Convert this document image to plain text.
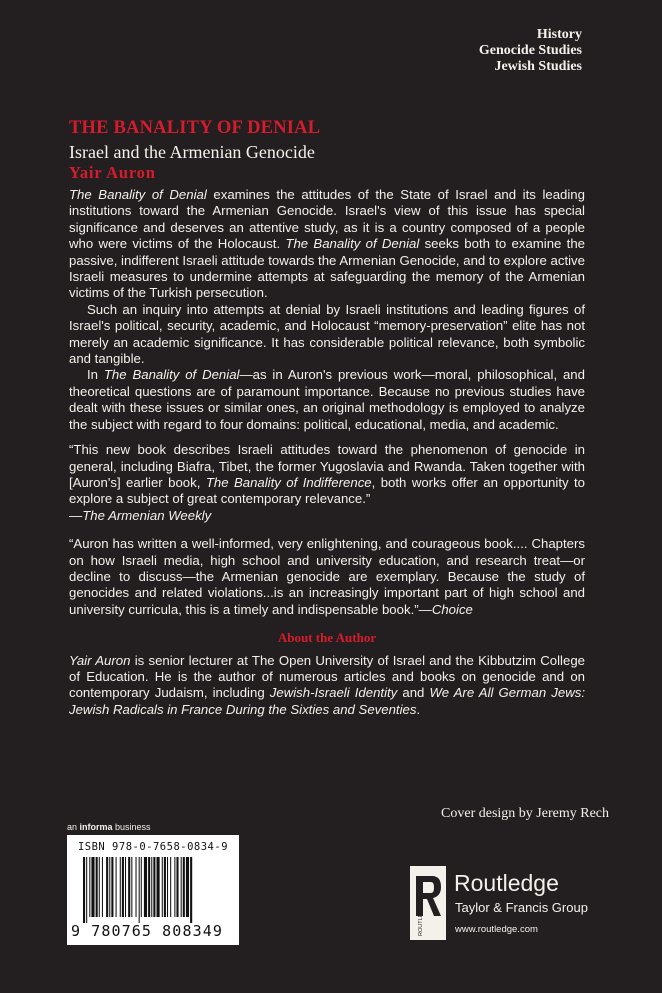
History
Genocide Studies
Jewish Studies
THE BANALITY OF DENIAL
Israel and the Armenian Genocide
Yair Auron

The Banality of Denial examines the attitudes of the State of Israel and its leading institutions toward the Armenian Genocide. Israel's view of this issue has special significance and deserves an attentive study, as it is a country composed of a people who were victims of the Holocaust. The Banality of Denial seeks both to examine the passive, indifferent Israeli attitude towards the Armenian Genocide, and to explore active Israeli measures to undermine attempts at safeguarding the memory of the Armenian victims of the Turkish persecution.

Such an inquiry into attempts at denial by Israeli institutions and leading figures of Israel's political, security, academic, and Holocaust “memory-preservation” elite has not merely an academic significance. It has considerable political relevance, both symbolic and tangible.

In The Banality of Denial—as in Auron's previous work—moral, philosophical, and theoretical questions are of paramount importance. Because no previous studies have dealt with these issues or similar ones, an original methodology is employed to analyze the subject with regard to four domains: political, educational, media, and academic.

“This new book describes Israeli attitudes toward the phenomenon of genocide in general, including Biafra, Tibet, the former Yugoslavia and Rwanda. Taken together with [Auron's] earlier book, The Banality of Indifference, both works offer an opportunity to explore a subject of great contemporary relevance.”

—The Armenian Weekly

“Auron has written a well-informed, very enlightening, and courageous book.... Chapters on how Israeli media, high school and university education, and research treat—or decline to discuss—the Armenian genocide are exemplary. Because the study of genocides and related violations...is an increasingly important part of high school and university curricula, this is a timely and indispensable book.”—Choice

About the Author

Yair Auron is senior lecturer at The Open University of Israel and the Kibbutzim College of Education. He is the author of numerous articles and books on genocide and on contemporary Judaism, including Jewish-Israeli Identity and We Are All German Jews: Jewish Radicals in France During the Sixties and Seventies.

Cover design by Jeremy Rech
an informa business
ISBN 978-0-7658-0834-9
9 780765 808349	ROUTLEDGE
Routledge
Taylor & Francis Group
www.routledge.com
